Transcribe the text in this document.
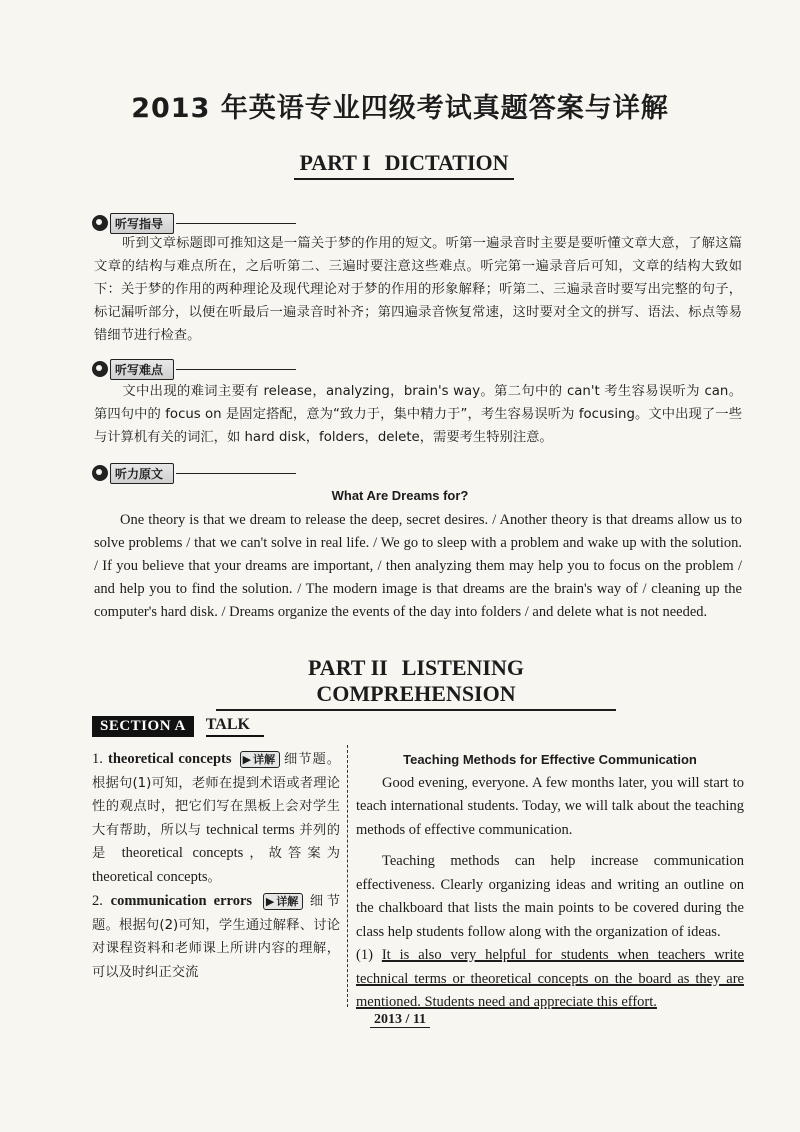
2013 年英语专业四级考试真题答案与详解
PART I DICTATION
听写指导
听到文章标题即可推知这是一篇关于梦的作用的短文。听第一遍录音时主要是要听懂文章大意，了解这篇文章的结构与难点所在，之后听第二、三遍时要注意这些难点。听完第一遍录音后可知，文章的结构大致如下：关于梦的作用的两种理论及现代理论对于梦的作用的形象解释；听第二、三遍录音时要写出完整的句子，标记漏听部分，以便在听最后一遍录音时补齐；第四遍录音恢复常速，这时要对全文的拼写、语法、标点等易错细节进行检查。
听写难点
文中出现的难词主要有 release，analyzing，brain's way。第二句中的 can't 考生容易误听为 can。第四句中的 focus on 是固定搭配，意为“致力于，集中精力于”，考生容易误听为 focusing。文中出现了一些与计算机有关的词汇，如 hard disk，folders，delete，需要考生特别注意。
听力原文
What Are Dreams for?
One theory is that we dream to release the deep, secret desires. / Another theory is that dreams allow us to solve problems / that we can't solve in real life. / We go to sleep with a problem and wake up with the solution. / If you believe that your dreams are important, / then analyzing them may help you to focus on the problem / and help you to find the solution. / The modern image is that dreams are the brain's way of / cleaning up the computer's hard disk. / Dreams organize the events of the day into folders / and delete what is not needed.
PART II LISTENING COMPREHENSION
SECTION A	TALK
1. theoretical concepts ▶ 详解 细节题。根据句(1)可知，老师在提到术语或者理论性的观点时，把它们写在黑板上会对学生大有帮助，所以与 technical terms 并列的是 theoretical concepts，故答案为 theoretical concepts。
2. communication errors ▶ 详解 细节题。根据句(2)可知，学生通过解释、讨论对课程资料和老师课上所讲内容的理解，可以及时纠正交流
Teaching Methods for Effective Communication
Good evening, everyone. A few months later, you will start to teach international students. Today, we will talk about the teaching methods of effective communication.
Teaching methods can help increase communication effectiveness. Clearly organizing ideas and writing an outline on the chalkboard that lists the main points to be covered during the class help students follow along with the organization of ideas.
(1) It is also very helpful for students when teachers write technical terms or theoretical concepts on the board as they are mentioned. Students need and appreciate this effort.
2013 / 11
